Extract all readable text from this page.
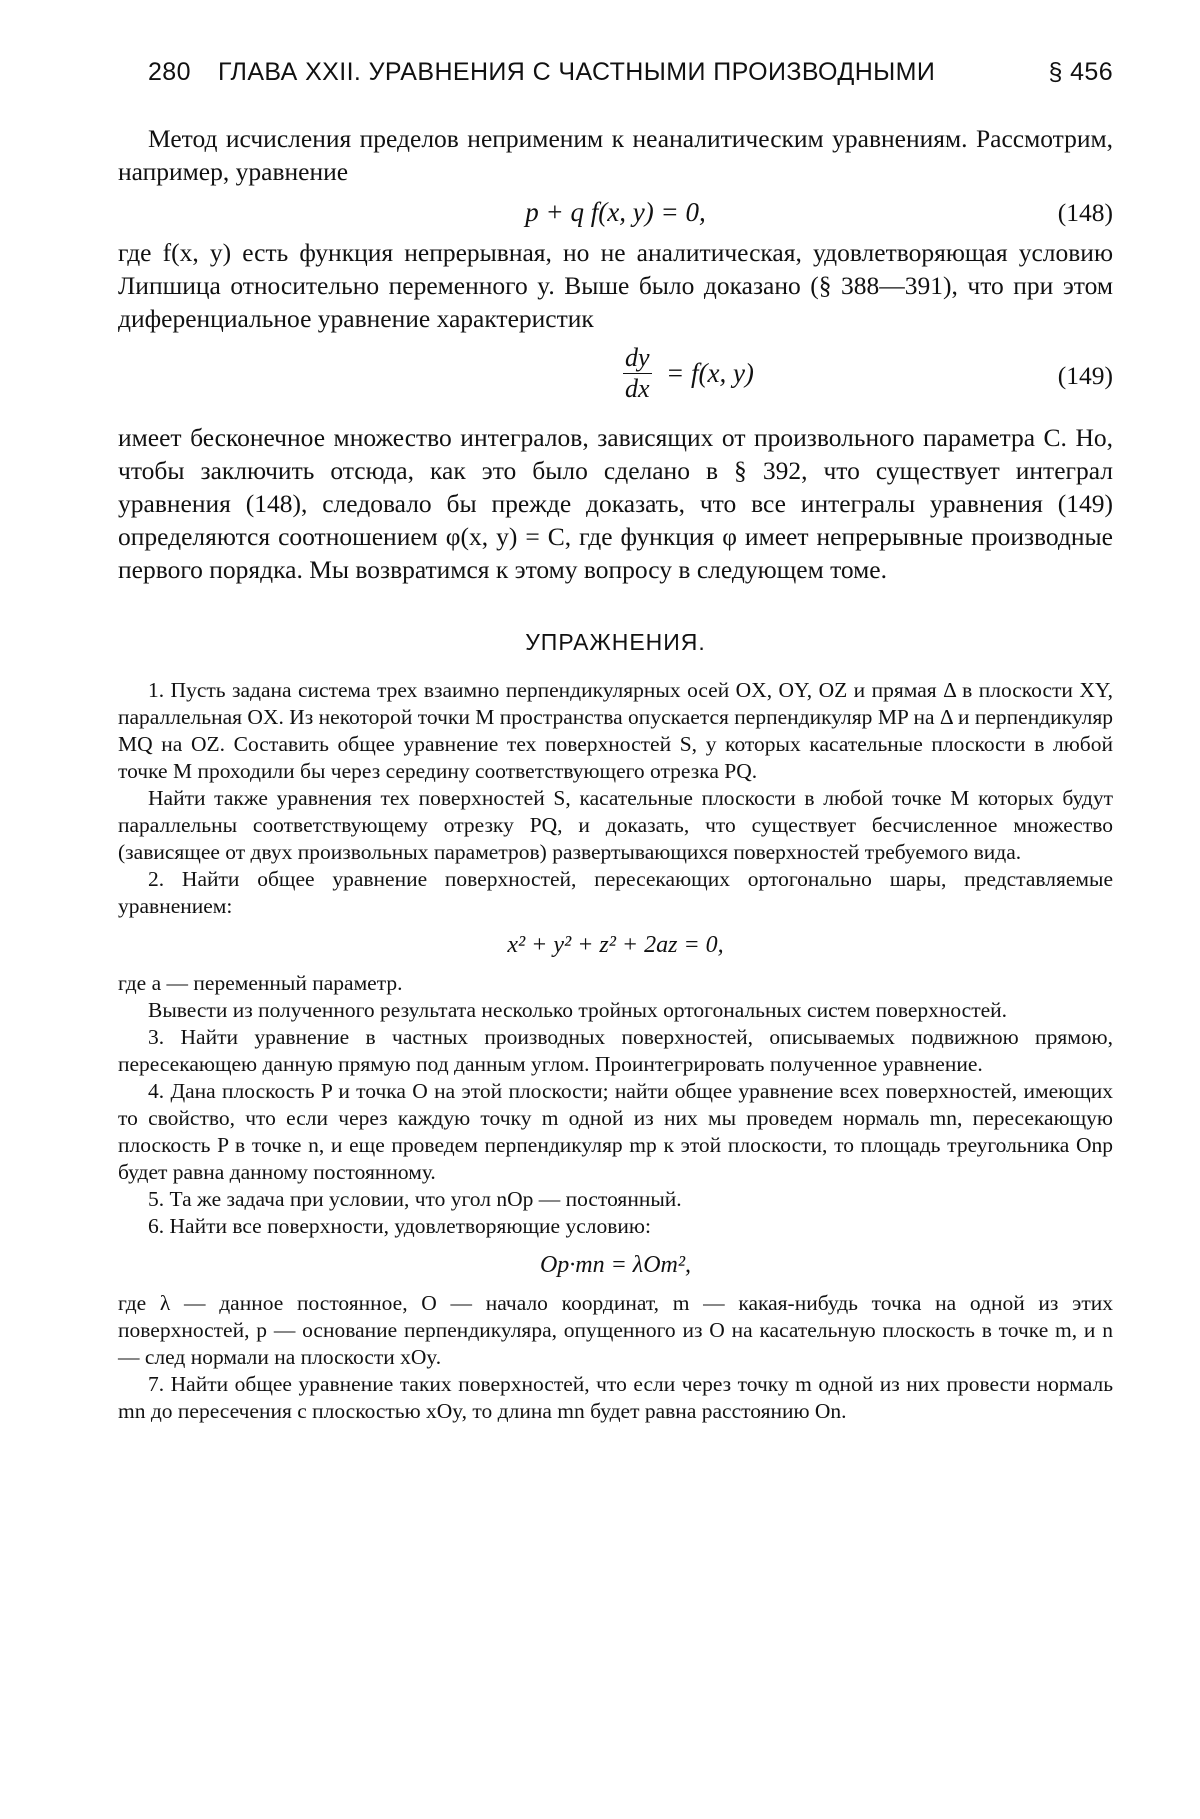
280 ГЛАВА XXII. УРАВНЕНИЯ С ЧАСТНЫМИ ПРОИЗВОДНЫМИ	§ 456

Метод исчисления пределов неприменим к неаналитическим уравнениям. Рассмотрим, например, уравнение

p + q f(x, y) = 0,	(148)

где f(x, y) есть функция непрерывная, но не аналитическая, удовлетворяющая условию Липшица относительно переменного y. Выше было доказано (§ 388—391), что при этом диференциальное уравнение характеристик

dy
dx
= f(x, y)	(149)

имеет бесконечное множество интегралов, зависящих от произвольного параметра C. Но, чтобы заключить отсюда, как это было сделано в § 392, что существует интеграл уравнения (148), следовало бы прежде доказать, что все интегралы уравнения (149) определяются соотношением φ(x, y) = C, где функция φ имеет непрерывные производные первого порядка. Мы возвратимся к этому вопросу в следующем томе.

УПРАЖНЕНИЯ.

1. Пусть задана система трех взаимно перпендикулярных осей OX, OY, OZ и прямая Δ в плоскости XY, параллельная OX. Из некоторой точки M пространства опускается перпендикуляр MP на Δ и перпендикуляр MQ на OZ. Составить общее уравнение тех поверхностей S, у которых касательные плоскости в любой точке M проходили бы через середину соответствующего отрезка PQ.

Найти также уравнения тех поверхностей S, касательные плоскости в любой точке M которых будут параллельны соответствующему отрезку PQ, и доказать, что существует бесчисленное множество (зависящее от двух произвольных параметров) развертывающихся поверхностей требуемого вида.

2. Найти общее уравнение поверхностей, пересекающих ортогонально шары, представляемые уравнением:

x² + y² + z² + 2az = 0,

где a — переменный параметр.

Вывести из полученного результата несколько тройных ортогональных систем поверхностей.

3. Найти уравнение в частных производных поверхностей, описываемых подвижною прямою, пересекающею данную прямую под данным углом. Проинтегрировать полученное уравнение.

4. Дана плоскость P и точка O на этой плоскости; найти общее уравнение всех поверхностей, имеющих то свойство, что если через каждую точку m одной из них мы проведем нормаль mn, пересекающую плоскость P в точке n, и еще проведем перпендикуляр mp к этой плоскости, то площадь треугольника Onp будет равна данному постоянному.

5. Та же задача при условии, что угол nOp — постоянный.

6. Найти все поверхности, удовлетворяющие условию:

Op·mn = λOm²,

где λ — данное постоянное, O — начало координат, m — какая-нибудь точка на одной из этих поверхностей, p — основание перпендикуляра, опущенного из O на касательную плоскость в точке m, и n — след нормали на плоскости xOy.

7. Найти общее уравнение таких поверхностей, что если через точку m одной из них провести нормаль mn до пересечения с плоскостью xOy, то длина mn будет равна расстоянию On.
